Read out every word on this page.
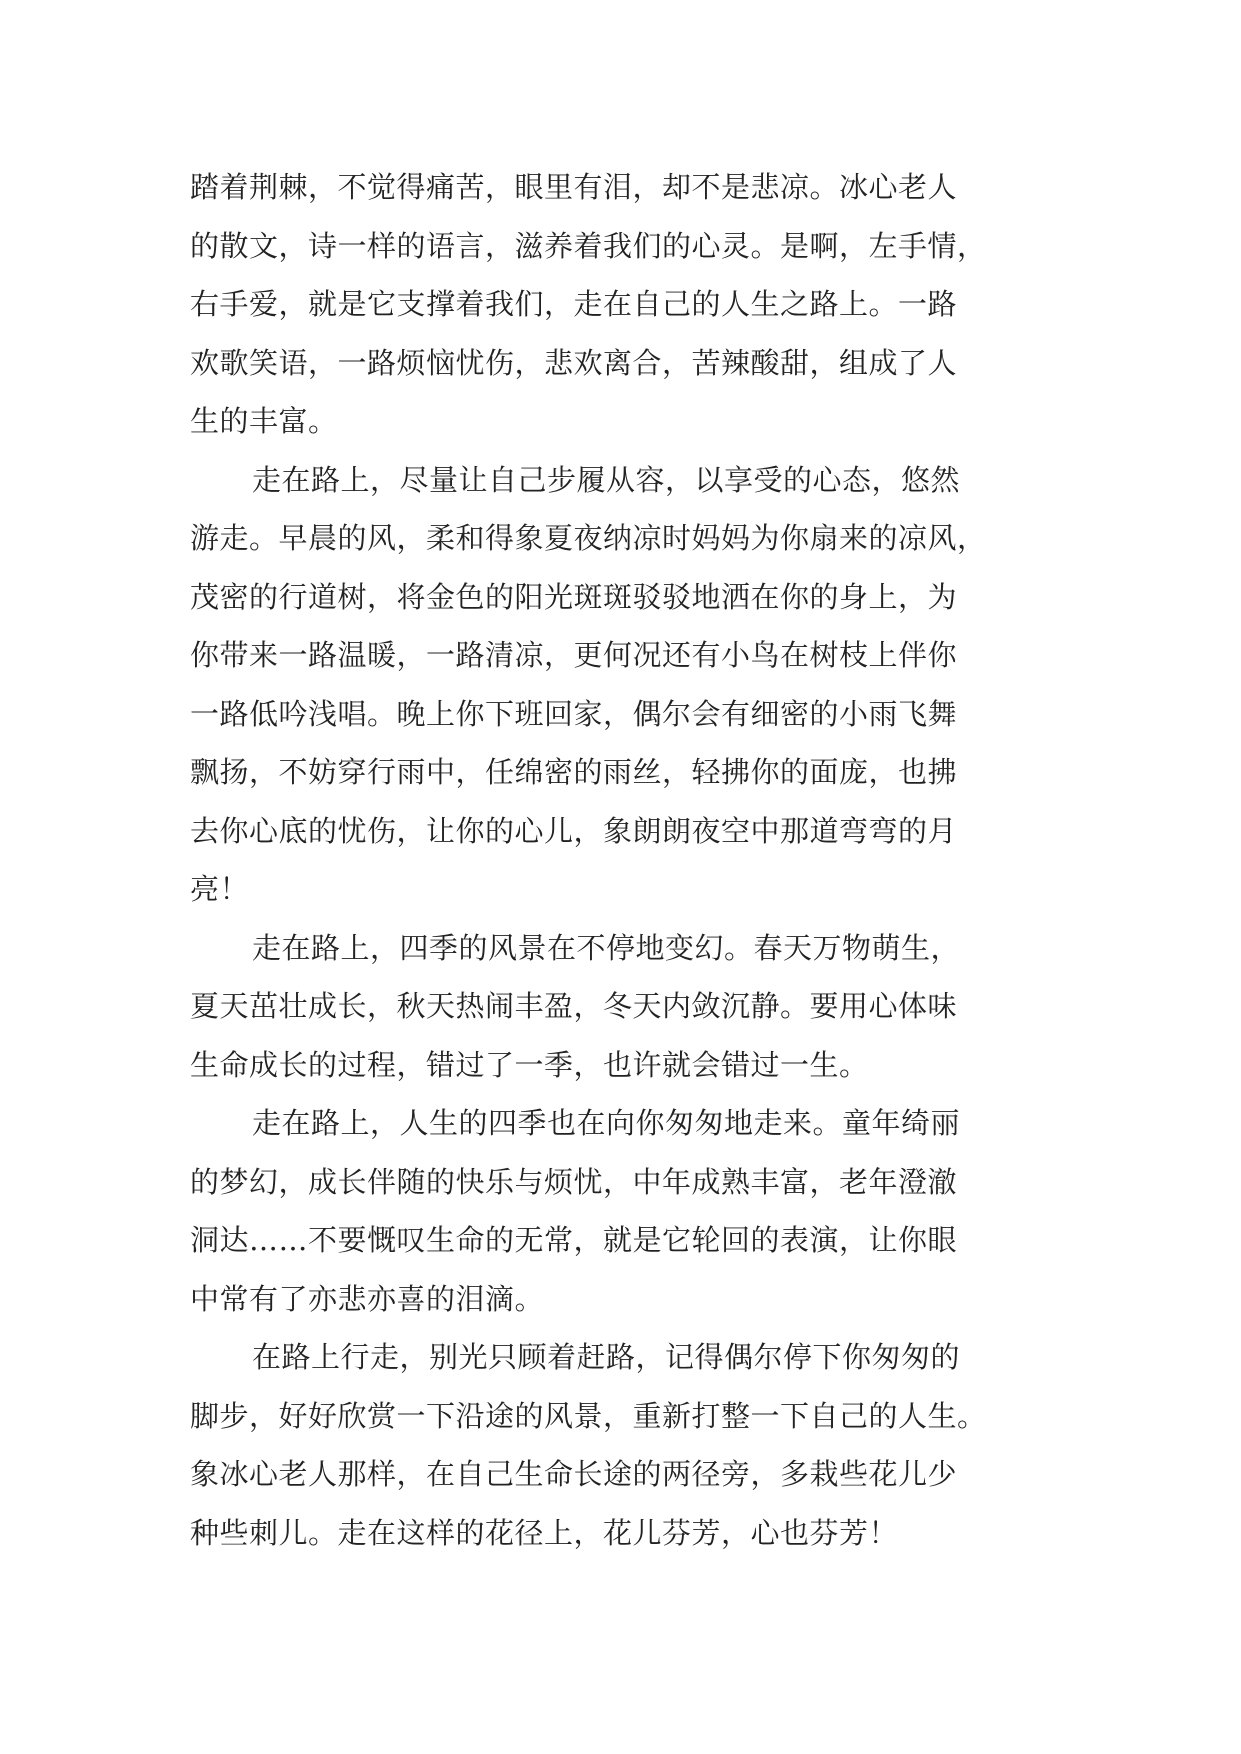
踏着荆棘，不觉得痛苦，眼里有泪，却不是悲凉。冰心老人
的散文，诗一样的语言，滋养着我们的心灵。是啊，左手情，
右手爱，就是它支撑着我们，走在自己的人生之路上。一路
欢歌笑语，一路烦恼忧伤，悲欢离合，苦辣酸甜，组成了人
生的丰富。
走在路上，尽量让自己步履从容，以享受的心态，悠然
游走。早晨的风，柔和得象夏夜纳凉时妈妈为你扇来的凉风，
茂密的行道树，将金色的阳光斑斑驳驳地洒在你的身上，为
你带来一路温暖，一路清凉，更何况还有小鸟在树枝上伴你
一路低吟浅唱。晚上你下班回家，偶尔会有细密的小雨飞舞
飘扬，不妨穿行雨中，任绵密的雨丝，轻拂你的面庞，也拂
去你心底的忧伤，让你的心儿，象朗朗夜空中那道弯弯的月
亮！
走在路上，四季的风景在不停地变幻。春天万物萌生，
夏天茁壮成长，秋天热闹丰盈，冬天内敛沉静。要用心体味
生命成长的过程，错过了一季，也许就会错过一生。
走在路上，人生的四季也在向你匆匆地走来。童年绮丽
的梦幻，成长伴随的快乐与烦忧，中年成熟丰富，老年澄澈
洞达……不要慨叹生命的无常，就是它轮回的表演，让你眼
中常有了亦悲亦喜的泪滴。
在路上行走，别光只顾着赶路，记得偶尔停下你匆匆的
脚步，好好欣赏一下沿途的风景，重新打整一下自己的人生。
象冰心老人那样，在自己生命长途的两径旁，多栽些花儿少
种些刺儿。走在这样的花径上，花儿芬芳，心也芬芳！
